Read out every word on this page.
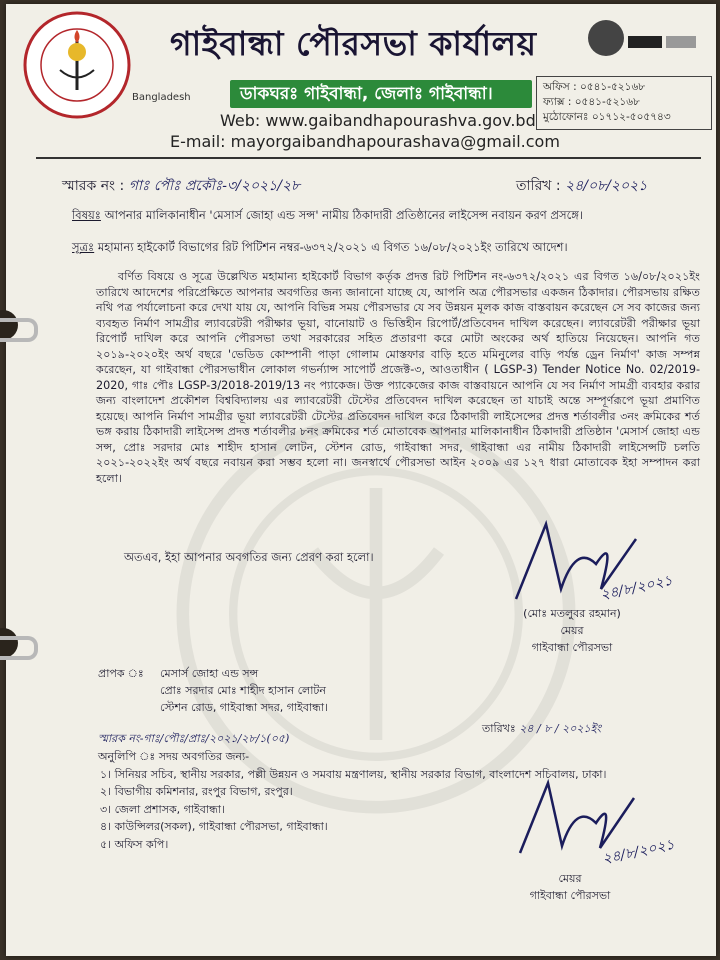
গাইবান্ধা পৌরসভা কার্যালয়
Bangladesh	ডাকঘরঃ গাইবান্ধা, জেলাঃ গাইবান্ধা।
Web: www.gaibandhapourashva.gov.bd
E-mail: mayorgaibandhapourashava@gmail.com
অফিস : ০৫৪১-৫২১৬৮
ফ্যাক্স : ০৫৪১-৫২১৬৮
মুঠোফোনঃ ০১৭১২-৫০৫৭৪৩
স্মারক নং : গাঃ পৌঃ প্রকৌঃ-৩/২০২১/২৮	তারিখ : ২৪/০৮/২০২১
বিষয়ঃ আপনার মালিকানাধীন 'মেসার্স জোহা এন্ড সন্স' নামীয় ঠিকাদারী প্রতিষ্ঠানের লাইসেন্স নবায়ন করণ প্রসঙ্গে।
সূত্রঃ মহামান্য হাইকোর্ট বিভাগের রিট পিটিশন নম্বর-৬৩৭২/২০২১ এ বিগত ১৬/০৮/২০২১ইং তারিখে আদেশ।

বর্ণিত বিষয়ে ও সূত্রে উল্লেখিত মহামান্য হাইকোর্ট বিভাগ কর্তৃক প্রদত্ত রিট পিটিশন নং-৬৩৭২/২০২১ এর বিগত ১৬/০৮/২০২১ইং তারিখে আদেশের পরিপ্রেক্ষিতে আপনার অবগতির জন্য জানানো যাচ্ছে যে, আপনি অত্র পৌরসভার একজন ঠিকাদার। পৌরসভায় রক্ষিত নথি পত্র পর্যালোচনা করে দেখা যায় যে, আপনি বিভিন্ন সময় পৌরসভার যে সব উন্নয়ন মূলক কাজ বাস্তবায়ন করেছেন সে সব কাজের জন্য ব্যবহৃত নির্মাণ সামগ্রীর ল্যাবরেটরী পরীক্ষার ভূয়া, বানোয়াট ও ভিত্তিহীন রিপোর্ট/প্রতিবেদন দাখিল করেছেন। ল্যাবরেটরী পরীক্ষার ভূয়া রিপোর্ট দাখিল করে আপনি পৌরসভা তথা সরকারের সহিত প্রতারণা করে মোটা অংকের অর্থ হাতিয়ে নিয়েছেন। আপনি গত ২০১৯-২০২০ইং অর্থ বছরে 'ভেডিড কোম্পানী পাড়া গোলাম মোস্তফার বাড়ি হতে মমিনুলের বাড়ি পর্যন্ত ড্রেন নির্মাণ' কাজ সম্পন্ন করেছেন, যা গাইবান্ধা পৌরসভাধীন লোকাল গভর্ন্যান্স সাপোর্ট প্রজেক্ট-৩, আওতাধীন ( LGSP-3) Tender Notice No. 02/2019-2020, গাঃ পৌঃ LGSP-3/2018-2019/13 নং প্যাকেজ। উক্ত প্যাকেজের কাজ বাস্তবায়নে আপনি যে সব নির্মাণ সামগ্রী ব্যবহার করার জন্য বাংলাদেশ প্রকৌশল বিশ্ববিদ্যালয় এর ল্যাবরেটরী টেস্টের প্রতিবেদন দাখিল করেছেন তা যাচাই অন্তে সম্পূর্ণরূপে ভূয়া প্রমাণিত হয়েছে। আপনি নির্মাণ সামগ্রীর ভূয়া ল্যাবরেটরী টেস্টের প্রতিবেদন দাখিল করে ঠিকাদারী লাইসেন্সের প্রদত্ত শর্তাবলীর ৩নং ক্রমিকের শর্ত ভঙ্গ করায় ঠিকাদারী লাইসেন্স প্রদত্ত শর্তাবলীর ৮নং ক্রমিকের শর্ত মোতাবেক আপনার মালিকানাধীন ঠিকাদারী প্রতিষ্ঠান 'মেসার্স জোহা এন্ড সন্স, প্রোঃ সরদার মোঃ শাহীদ হাসান লোটন, স্টেশন রোড, গাইবান্ধা সদর, গাইবান্ধা এর নামীয় ঠিকাদারী লাইসেন্সটি চলতি ২০২১-২০২২ইং অর্থ বছরে নবায়ন করা সম্ভব হলো না। জনস্বার্থে পৌরসভা আইন ২০০৯ এর ১২৭ ধারা মোতাবেক ইহা সম্পাদন করা হলো।

অতএব, ইহা আপনার অবগতির জন্য প্রেরণ করা হলো।
২৪/৮/২০২১
(মোঃ মতলুবর রহমান)
মেয়র
গাইবান্ধা পৌরসভা
প্রাপক ঃ মেসার্স জোহা এন্ড সন্স
প্রোঃ সরদার মোঃ শাহীদ হাসান লোটন
স্টেশন রোড, গাইবান্ধা সদর, গাইবান্ধা।
তারিখঃ ২৪ / ৮ / ২০২১ইং
স্মারক নং-গাঃ/পৌঃ/প্রাঃ/২০২১/২৮/১(০৫)
অনুলিপি ঃ সদয় অবগতির জন্য-
১। সিনিয়র সচিব, স্থানীয় সরকার, পল্লী উন্নয়ন ও সমবায় মন্ত্রণালয়, স্থানীয় সরকার বিভাগ, বাংলাদেশ সচিবালয়, ঢাকা।
২। বিভাগীয় কমিশনার, রংপুর বিভাগ, রংপুর।
৩। জেলা প্রশাসক, গাইবান্ধা।
৪। কাউন্সিলর(সকল), গাইবান্ধা পৌরসভা, গাইবান্ধা।
৫। অফিস কপি।	২৪/৮/২০২১
মেয়র
গাইবান্ধা পৌরসভা
